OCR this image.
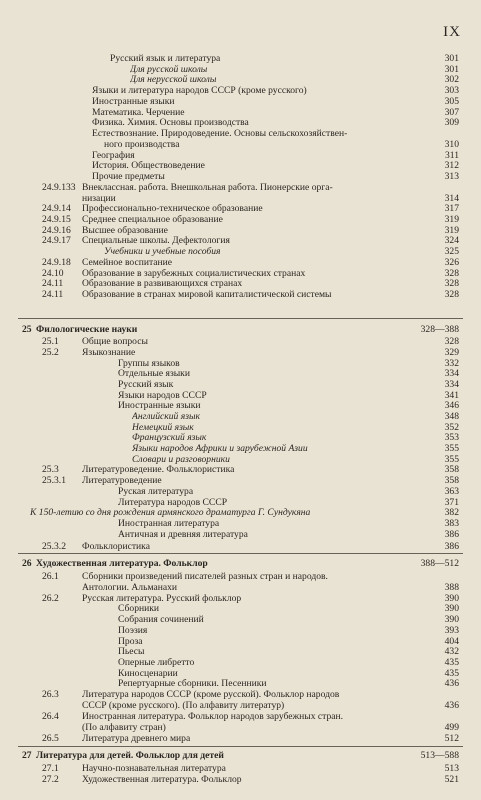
IX
Русский язык и литература	301
Для русской школы	301
Для нерусской школы	302
Языки и литература народов СССР (кроме русского)	303
Иностранные языки	305
Математика. Черчение	307
Физика. Химия. Основы производства	309
Естествознание. Природоведение. Основы сельскохозяйствен-
ного производства	310
География	311
История. Обществоведение	312
Прочие предметы	313
24.9.133 Внеклассная. работа. Внешкольная работа. Пионерские орга-
низации	314
24.9.14 Профессионально-техническое образование	317
24.9.15 Среднее специальное образование	319
24.9.16 Высшее образование	319
24.9.17 Специальные школы. Дефектология	324
Учебники и учебные пособия	325
24.9.18 Семейное воспитание	326
24.10 Образование в зарубежных социалистических странах	328
24.11 Образование в развивающихся странах	328
24.11 Образование в странах мировой капиталистической системы	328
25 Филологические науки	328—388
25.1 Общие вопросы	328
25.2 Языкознание	329
Группы языков	332
Отдельные языки	334
Русский язык	334
Языки народов СССР	341
Иностранные языки	346
Английский язык	348
Немецкий язык	352
Французский язык	353
Языки народов Африки и зарубежной Азии	355
Словари и разговорники	355
25.3 Литературоведение. Фольклористика	358
25.3.1 Литературоведение	358
Руская литература	363
Литература народов СССР	371
К 150-летию со дня рождения армянского драматурга Г. Сундукяна	382
Иностранная литература	383
Античная и древняя литература	386
25.3.2 Фольклористика	386
26 Художественная литература. Фольклор	388—512
26.1 Сборники произведений писателей разных стран и народов.
Антологии. Альманахи	388
26.2 Русская литература. Русский фольклор	390
Сборники	390
Собрания сочинений	390
Поэзия	393
Проза	404
Пьесы	432
Оперные либретто	435
Киносценарии	435
Репертуарные сборники. Песенники	436
26.3 Литература народов СССР (кроме русской). Фольклор народов
СССР (кроме русского). (По алфавиту литератур)	436
26.4 Иностранная литература. Фольклор народов зарубежных стран.
(По алфавиту стран)	499
26.5 Литература древнего мира	512
27 Литература для детей. Фольклор для детей	513—588
27.1 Научно-познавательная литература	513
27.2 Художественная литература. Фольклор	521
